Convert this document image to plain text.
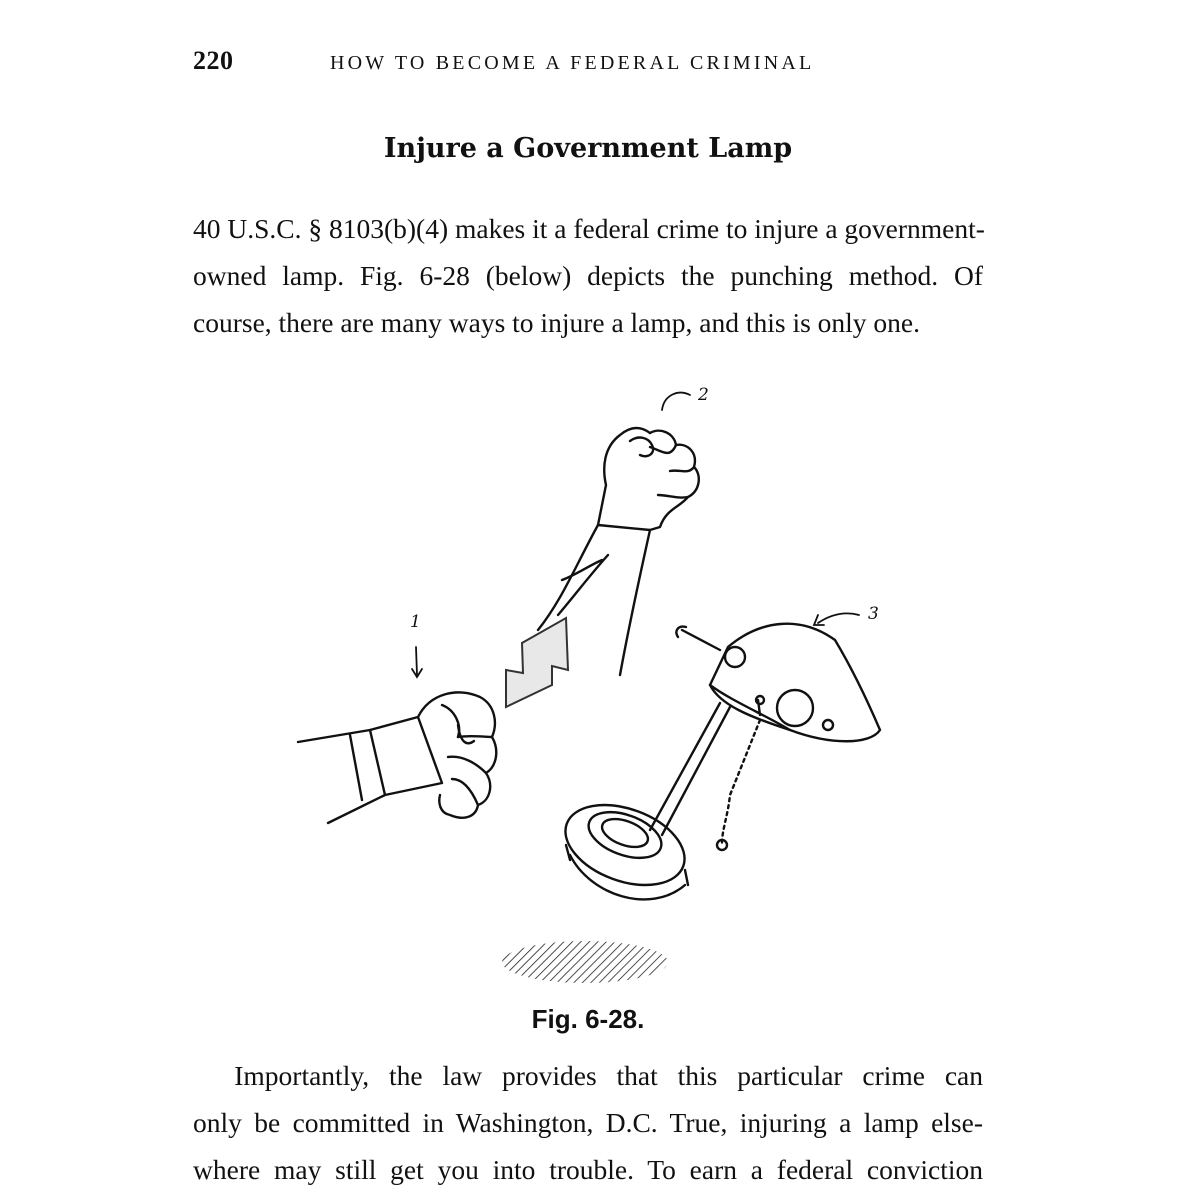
220	HOW TO BECOME A FEDERAL CRIMINAL
Injure a Government Lamp
40 U.S.C. § 8103(b)(4) makes it a federal crime to injure a government-
owned lamp. Fig. 6-28 (below) depicts the punching method. Of
course, there are many ways to injure a lamp, and this is only one.
1
2
3
Fig. 6-28.
  Importantly, the law provides that this particular crime can
only be committed in Washington, D.C. True, injuring a lamp else-
where may still get you into trouble. To earn a federal conviction
